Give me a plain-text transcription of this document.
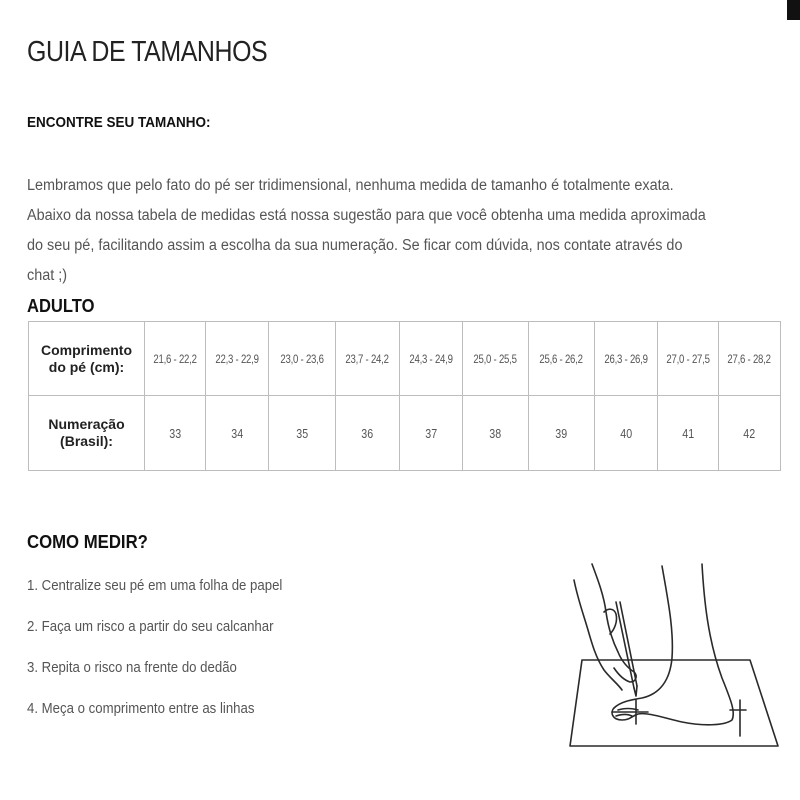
GUIA DE TAMANHOS
ENCONTRE SEU TAMANHO:
Lembramos que pelo fato do pé ser tridimensional, nenhuma medida de tamanho é totalmente exata.
Abaixo da nossa tabela de medidas está nossa sugestão para que você obtenha uma medida aproximada
do seu pé, facilitando assim a escolha da sua numeração. Se ficar com dúvida, nos contate através do
chat ;)
ADULTO
Comprimento
do pé (cm):	21,6 - 22,2	22,3 - 22,9	23,0 - 23,6	23,7 - 24,2	24,3 - 24,9	25,0 - 25,5	25,6 - 26,2	26,3 - 26,9	27,0 - 27,5	27,6 - 28,2

Numeração
(Brasil):	33	34	35	36	37	38	39	40	41	42
COMO MEDIR?
1. Centralize seu pé em uma folha de papel
2. Faça um risco a partir do seu calcanhar
3. Repita o risco na frente do dedão
4. Meça o comprimento entre as linhas
